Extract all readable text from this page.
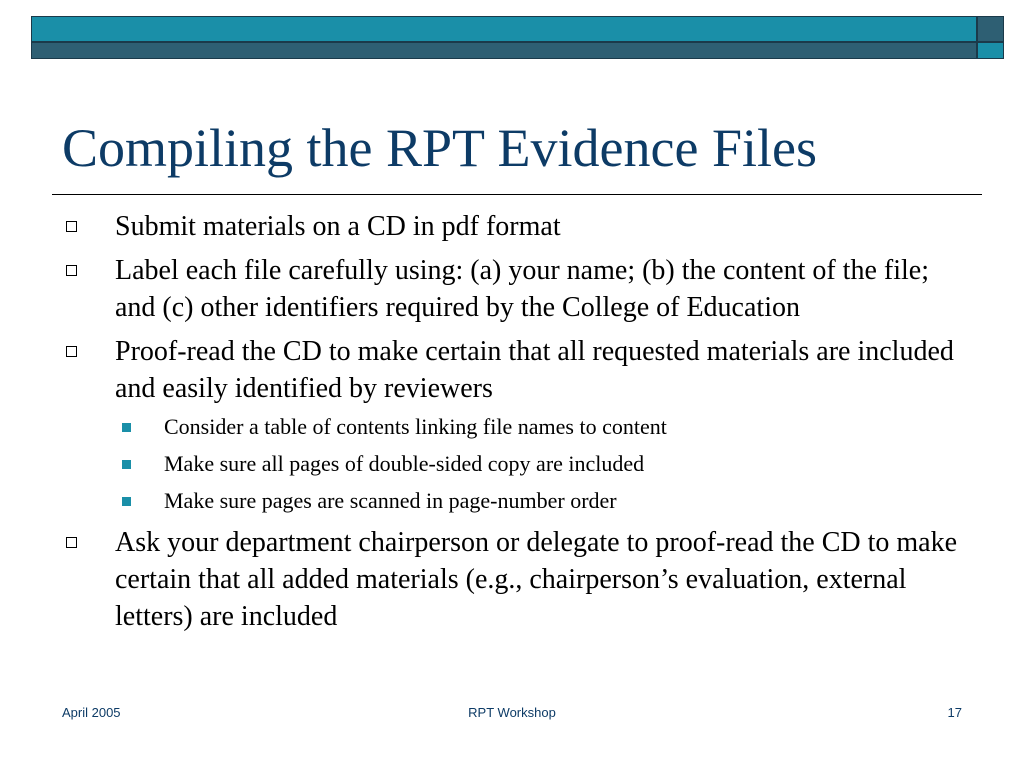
Compiling the RPT Evidence Files
Submit materials on a CD in pdf format
Label each file carefully using: (a) your name; (b) the content of the file; and (c) other identifiers required by the College of Education
Proof-read the CD to make certain that all requested materials are included and easily identified by reviewers
Consider a table of contents linking file names to content
Make sure all pages of double-sided copy are included
Make sure pages are scanned in page-number order
Ask your department chairperson or delegate to proof-read the CD to make certain that all added materials (e.g., chairperson’s evaluation, external letters) are included
April 2005	RPT Workshop	17
